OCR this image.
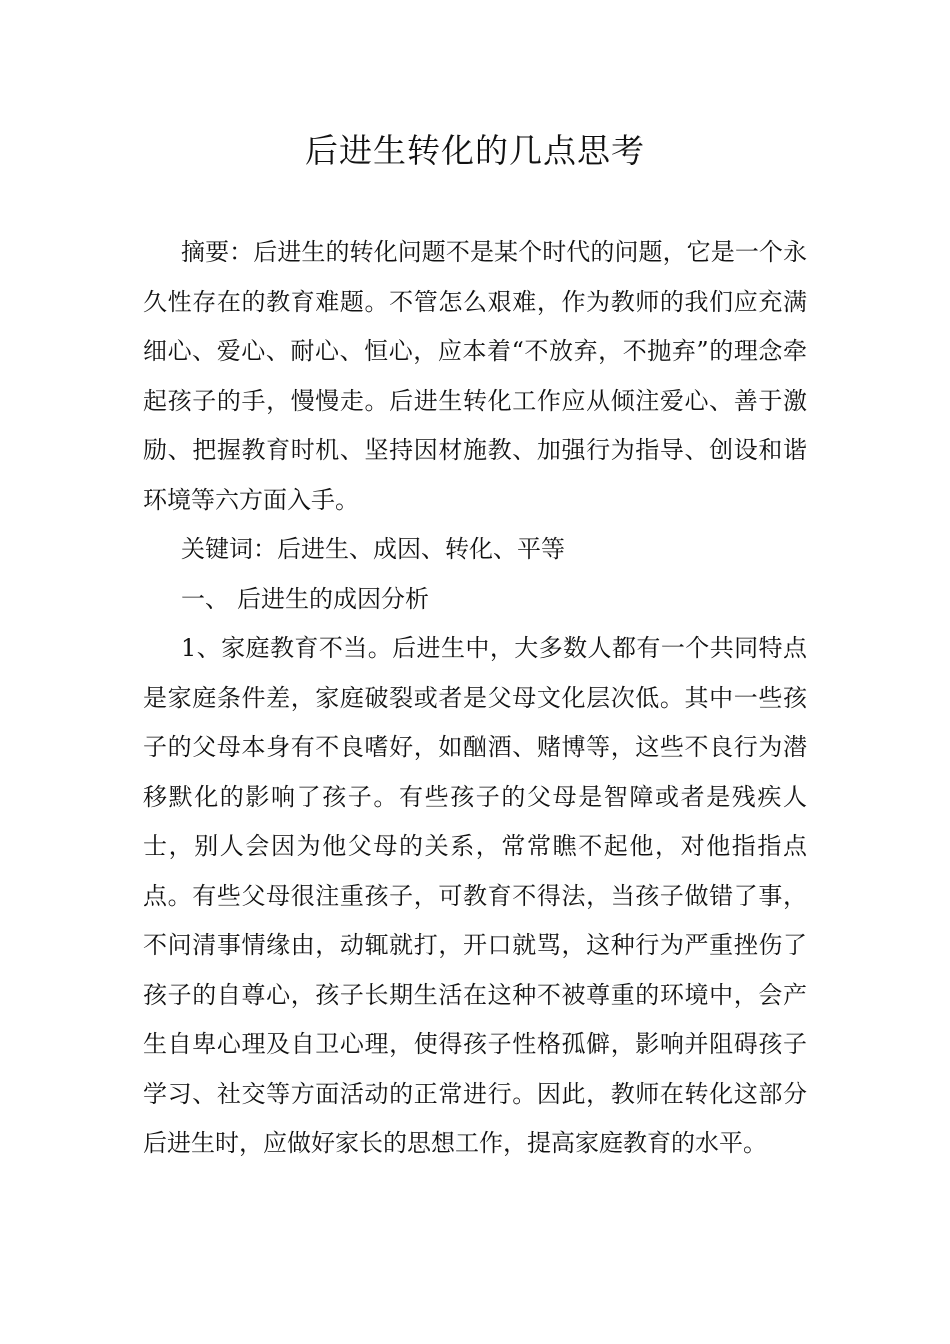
后进生转化的几点思考

摘要：后进生的转化问题不是某个时代的问题，它是一个永久性存在的教育难题。不管怎么艰难，作为教师的我们应充满细心、爱心、耐心、恒心，应本着“不放弃，不抛弃”的理念牵起孩子的手，慢慢走。后进生转化工作应从倾注爱心、善于激励、把握教育时机、坚持因材施教、加强行为指导、创设和谐环境等六方面入手。

关键词：后进生、成因、转化、平等

一、 后进生的成因分析

1、家庭教育不当。后进生中，大多数人都有一个共同特点是家庭条件差，家庭破裂或者是父母文化层次低。其中一些孩子的父母本身有不良嗜好，如酗酒、赌博等，这些不良行为潜移默化的影响了孩子。有些孩子的父母是智障或者是残疾人士，别人会因为他父母的关系，常常瞧不起他，对他指指点点。有些父母很注重孩子，可教育不得法，当孩子做错了事，不问清事情缘由，动辄就打，开口就骂，这种行为严重挫伤了孩子的自尊心，孩子长期生活在这种不被尊重的环境中，会产生自卑心理及自卫心理，使得孩子性格孤僻，影响并阻碍孩子学习、社交等方面活动的正常进行。因此，教师在转化这部分后进生时，应做好家长的思想工作，提高家庭教育的水平。
